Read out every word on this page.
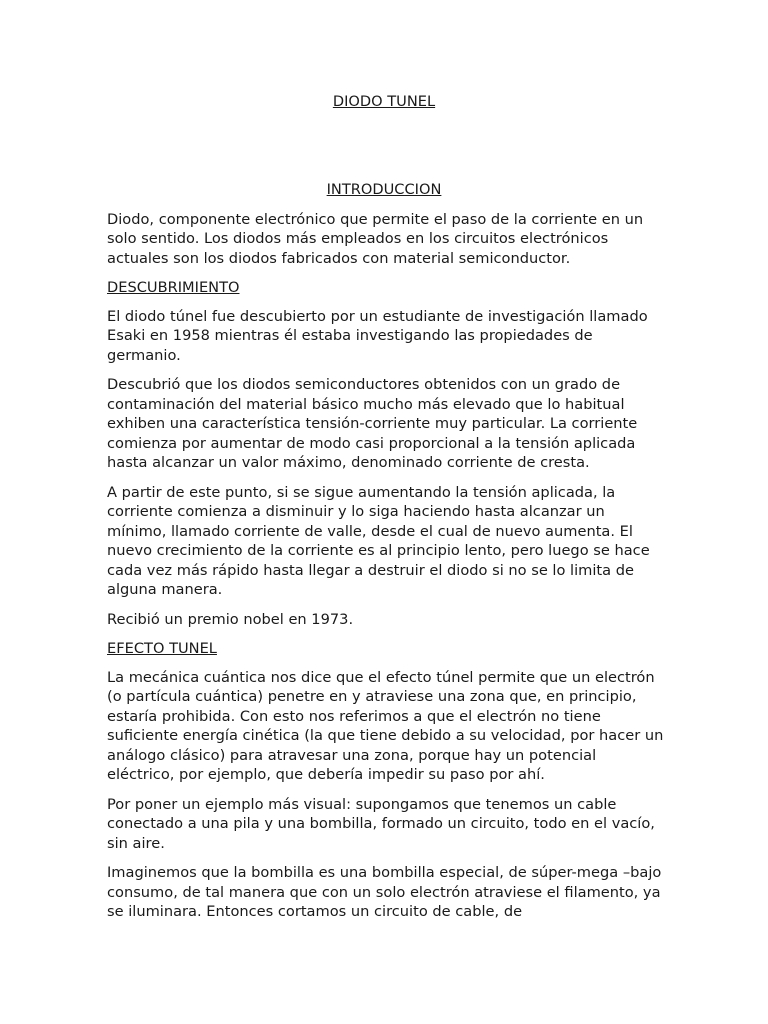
DIODO TUNEL
INTRODUCCION

Diodo, componente electrónico que permite el paso de la corriente en un solo sentido. Los diodos más empleados en los circuitos electrónicos actuales son los diodos fabricados con material semiconductor.

DESCUBRIMIENTO

El diodo túnel fue descubierto por un estudiante de investigación llamado Esaki en 1958 mientras él estaba investigando las propiedades de germanio.

Descubrió que los diodos semiconductores obtenidos con un grado de contaminación del material básico mucho más elevado que lo habitual exhiben una característica tensión-corriente muy particular. La corriente comienza por aumentar de modo casi proporcional a la tensión aplicada hasta alcanzar un valor máximo, denominado corriente de cresta.

A partir de este punto, si se sigue aumentando la tensión aplicada, la corriente comienza a disminuir y lo siga haciendo hasta alcanzar un mínimo, llamado corriente de valle, desde el cual de nuevo aumenta. El nuevo crecimiento de la corriente es al principio lento, pero luego se hace cada vez más rápido hasta llegar a destruir el diodo si no se lo limita de alguna manera.

Recibió un premio nobel en 1973.

EFECTO TUNEL

La mecánica cuántica nos dice que el efecto túnel permite que un electrón (o partícula cuántica) penetre en y atraviese una zona que, en principio, estaría prohibida. Con esto nos referimos a que el electrón no tiene suficiente energía cinética (la que tiene debido a su velocidad, por hacer un análogo clásico) para atravesar una zona, porque hay un potencial eléctrico, por ejemplo, que debería impedir su paso por ahí.

Por poner un ejemplo más visual: supongamos que tenemos un cable conectado a una pila y una bombilla, formado un circuito, todo en el vacío, sin aire.

Imaginemos que la bombilla es una bombilla especial, de súper-mega –bajo consumo, de tal manera que con un solo electrón atraviese el filamento, ya se iluminara. Entonces cortamos un circuito de cable, de
